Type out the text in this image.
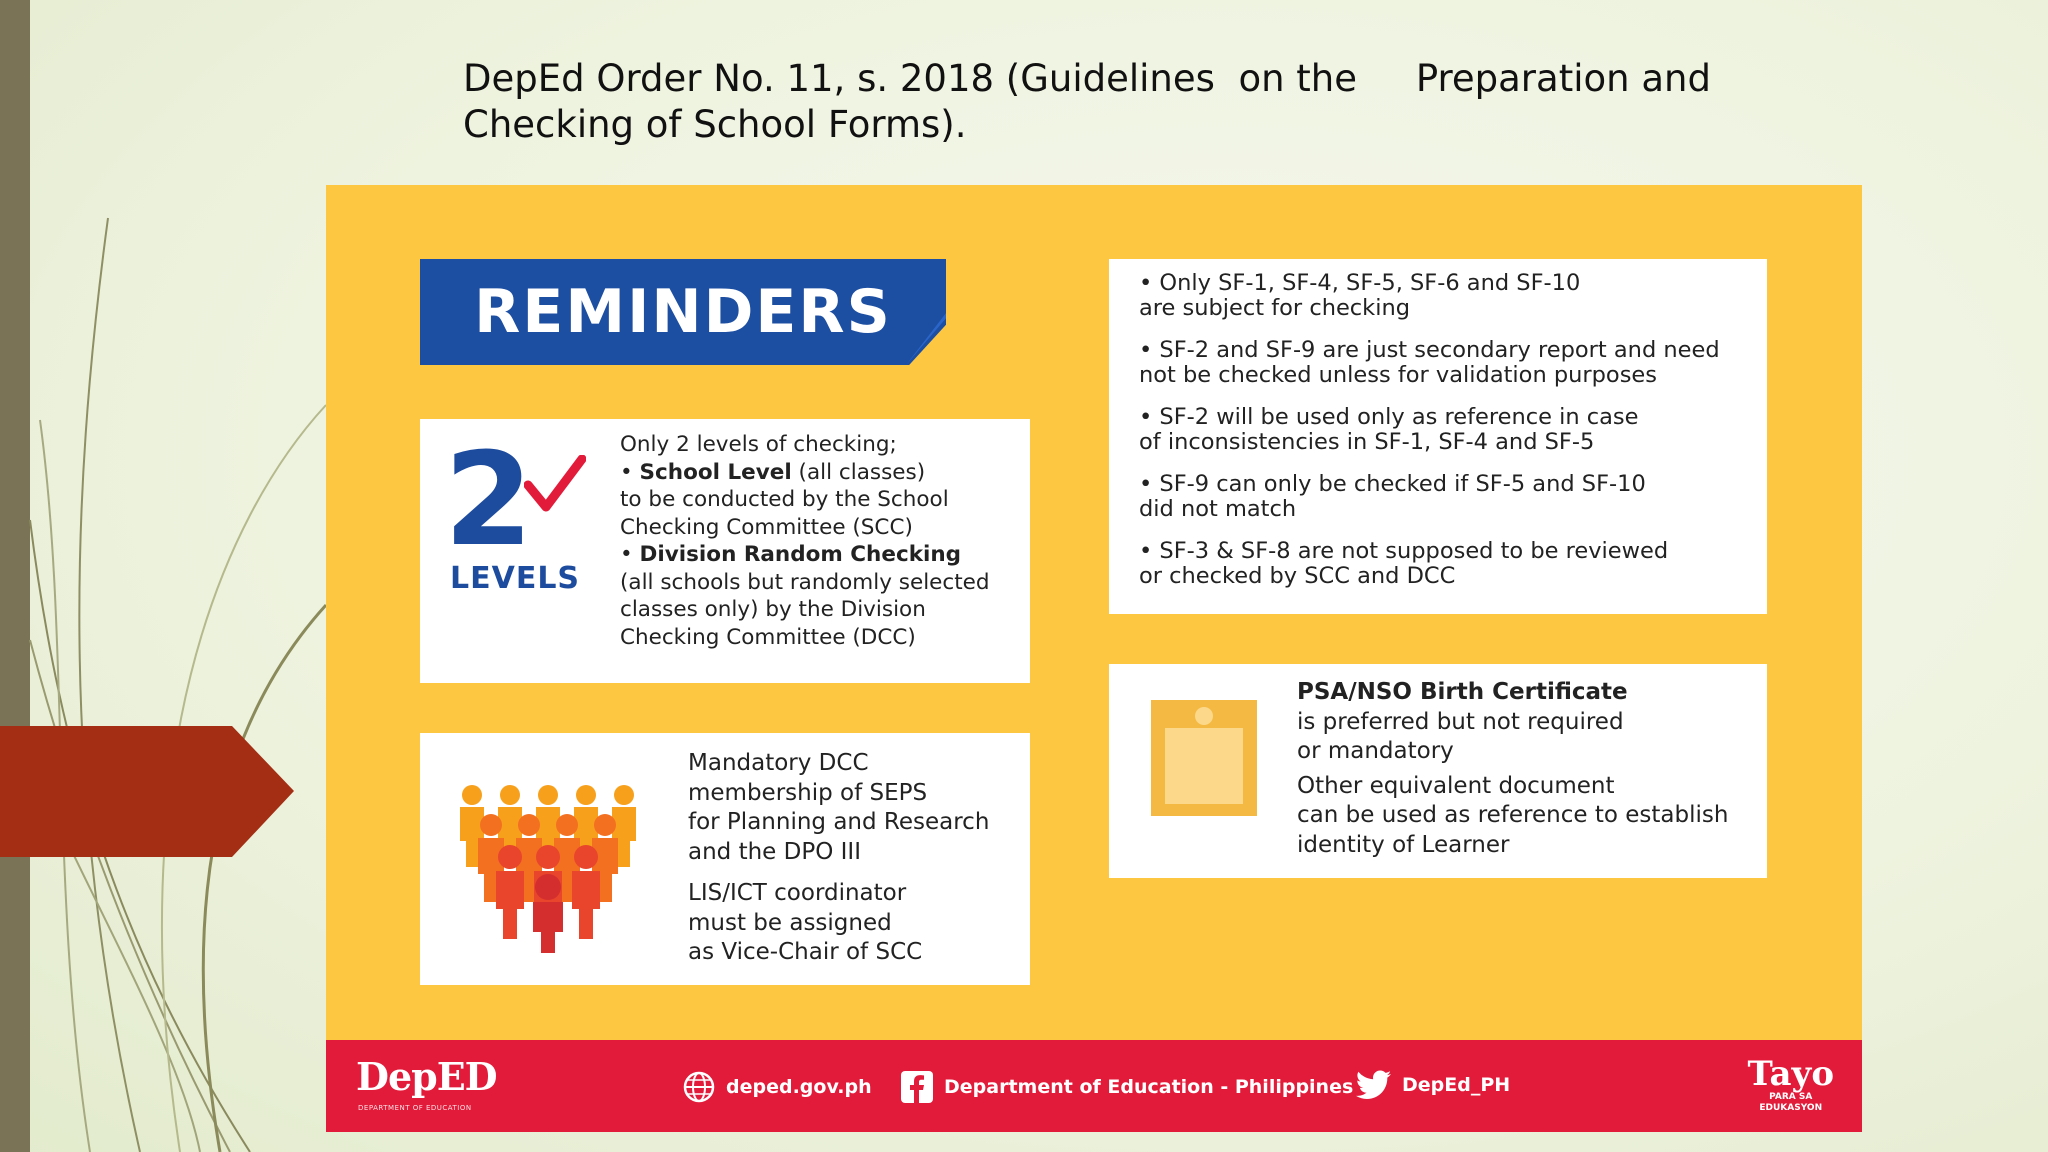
DepEd Order No. 11, s. 2018 (Guidelines  on the     Preparation and
Checking of School Forms).
REMINDERS
2
LEVELS
Only 2 levels of checking;
• School Level (all classes)
to be conducted by the School
Checking Committee (SCC)
• Division Random Checking
(all schools but randomly selected
classes only) by the Division
Checking Committee (DCC)
Mandatory DCC
membership of SEPS
for Planning and Research
and the DPO III
LIS/ICT coordinator
must be assigned
as Vice-Chair of SCC
• Only SF-1, SF-4, SF-5, SF-6 and SF-10
are subject for checking
• SF-2 and SF-9 are just secondary report and need
not be checked unless for validation purposes
• SF-2 will be used only as reference in case
of inconsistencies in SF-1, SF-4 and SF-5
• SF-9 can only be checked if SF-5 and SF-10
did not match
• SF-3 & SF-8 are not supposed to be reviewed
or checked by SCC and DCC
PSA/NSO Birth Certificate
is preferred but not required
or mandatory
Other equivalent document
can be used as reference to establish
identity of Learner
DepED
DEPARTMENT OF EDUCATION
deped.gov.ph	Department of Education - Philippines	DepEd_PH	Tayo
PARA SA
EDUKASYON
